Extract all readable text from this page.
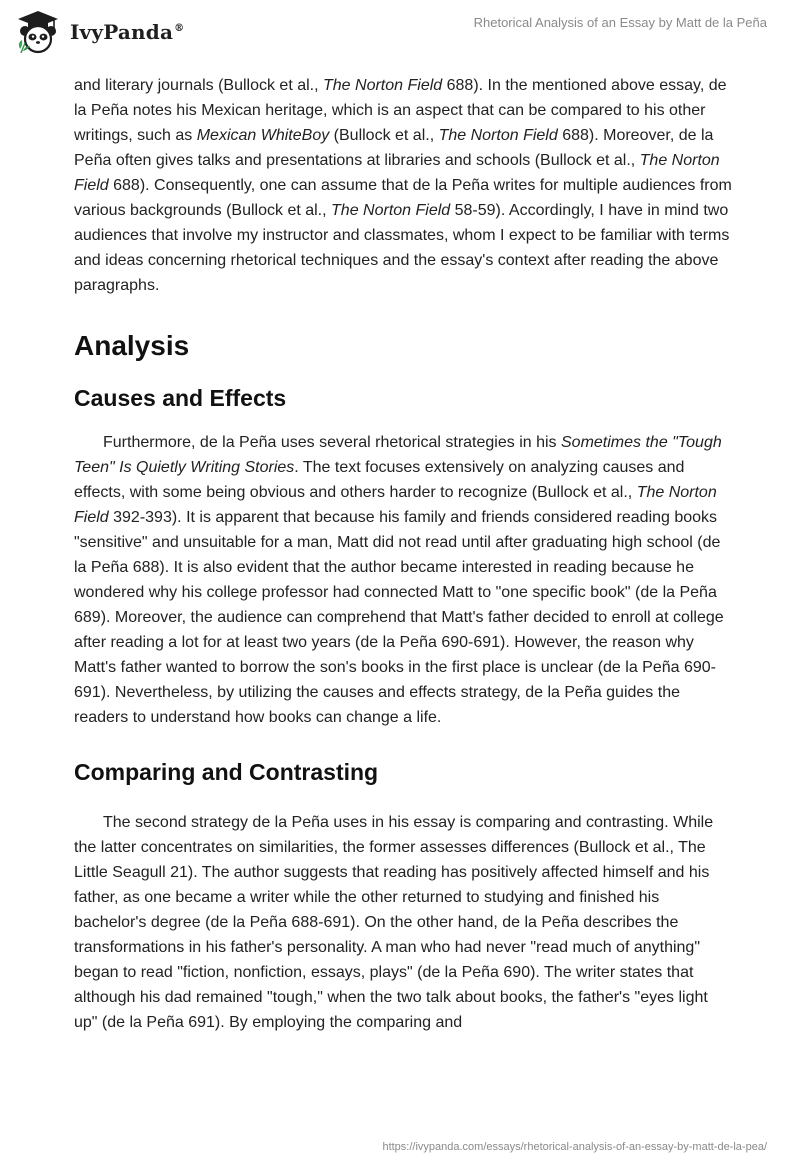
IvyPanda®	Rhetorical Analysis of an Essay by Matt de la Peña

and literary journals (Bullock et al., The Norton Field 688). In the mentioned above essay, de la Peña notes his Mexican heritage, which is an aspect that can be compared to his other writings, such as Mexican WhiteBoy (Bullock et al., The Norton Field 688). Moreover, de la Peña often gives talks and presentations at libraries and schools (Bullock et al., The Norton Field 688). Consequently, one can assume that de la Peña writes for multiple audiences from various backgrounds (Bullock et al., The Norton Field 58-59). Accordingly, I have in mind two audiences that involve my instructor and classmates, whom I expect to be familiar with terms and ideas concerning rhetorical techniques and the essay's context after reading the above paragraphs.

Analysis
Causes and Effects

Furthermore, de la Peña uses several rhetorical strategies in his Sometimes the "Tough Teen" Is Quietly Writing Stories. The text focuses extensively on analyzing causes and effects, with some being obvious and others harder to recognize (Bullock et al., The Norton Field 392-393). It is apparent that because his family and friends considered reading books "sensitive" and unsuitable for a man, Matt did not read until after graduating high school (de la Peña 688). It is also evident that the author became interested in reading because he wondered why his college professor had connected Matt to "one specific book" (de la Peña 689). Moreover, the audience can comprehend that Matt's father decided to enroll at college after reading a lot for at least two years (de la Peña 690-691). However, the reason why Matt's father wanted to borrow the son's books in the first place is unclear (de la Peña 690-691). Nevertheless, by utilizing the causes and effects strategy, de la Peña guides the readers to understand how books can change a life.

Comparing and Contrasting

The second strategy de la Peña uses in his essay is comparing and contrasting. While the latter concentrates on similarities, the former assesses differences (Bullock et al., The Little Seagull 21). The author suggests that reading has positively affected himself and his father, as one became a writer while the other returned to studying and finished his bachelor's degree (de la Peña 688-691). On the other hand, de la Peña describes the transformations in his father's personality. A man who had never "read much of anything" began to read "fiction, nonfiction, essays, plays" (de la Peña 690). The writer states that although his dad remained "tough," when the two talk about books, the father's "eyes light up" (de la Peña 691). By employing the comparing and

https://ivypanda.com/essays/rhetorical-analysis-of-an-essay-by-matt-de-la-pea/
